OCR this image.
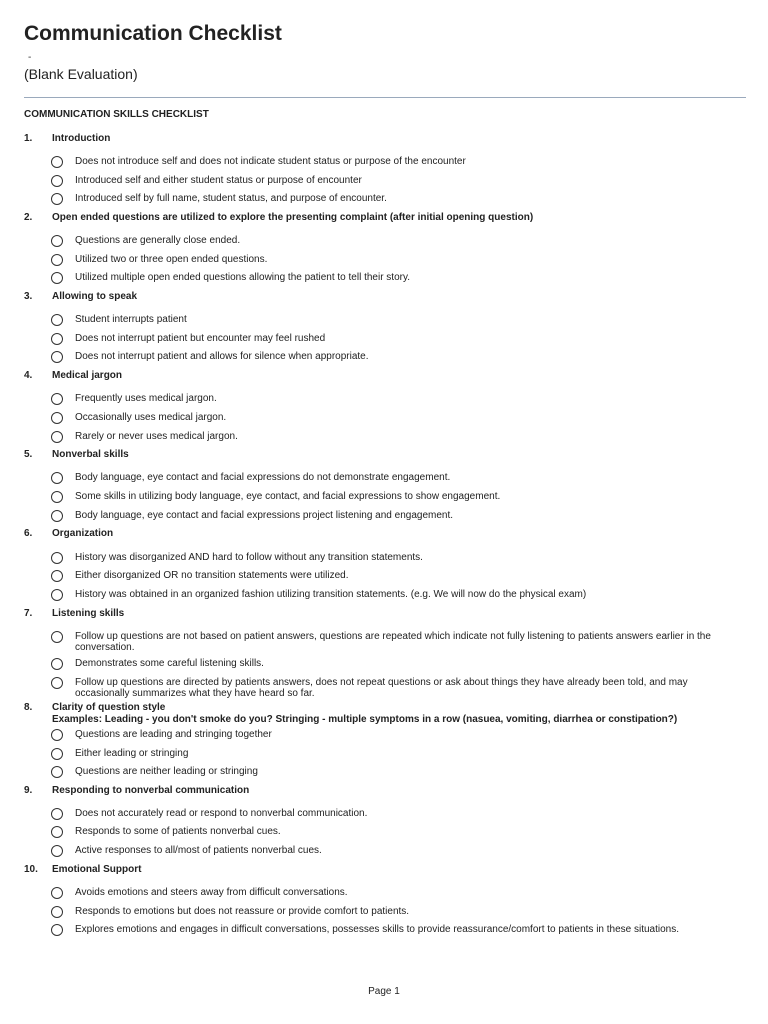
Communication Checklist
-
(Blank Evaluation)
COMMUNICATION SKILLS CHECKLIST
1. Introduction
Does not introduce self and does not indicate student status or purpose of the encounter
Introduced self and either student status or purpose of encounter
Introduced self by full name, student status, and purpose of encounter.
2. Open ended questions are utilized to explore the presenting complaint (after initial opening question)
Questions are generally close ended.
Utilized two or three open ended questions.
Utilized multiple open ended questions allowing the patient to tell their story.
3. Allowing to speak
Student interrupts patient
Does not interrupt patient but encounter may feel rushed
Does not interrupt patient and allows for silence when appropriate.
4. Medical jargon
Frequently uses medical jargon.
Occasionally uses medical jargon.
Rarely or never uses medical jargon.
5. Nonverbal skills
Body language, eye contact and facial expressions do not demonstrate engagement.
Some skills in utilizing body language, eye contact, and facial expressions to show engagement.
Body language, eye contact and facial expressions project listening and engagement.
6. Organization
History was disorganized AND hard to follow without any transition statements.
Either disorganized OR no transition statements were utilized.
History was obtained in an organized fashion utilizing transition statements. (e.g. We will now do the physical exam)
7. Listening skills
Follow up questions are not based on patient answers, questions are repeated which indicate not fully listening to patients answers earlier in the conversation.
Demonstrates some careful listening skills.
Follow up questions are directed by patients answers, does not repeat questions or ask about things they have already been told, and may occasionally summarizes what they have heard so far.
8. Clarity of question style
Examples: Leading - you don't smoke do you? Stringing - multiple symptoms in a row (nasuea, vomiting, diarrhea or constipation?)
Questions are leading and stringing together
Either leading or stringing
Questions are neither leading or stringing
9. Responding to nonverbal communication
Does not accurately read or respond to nonverbal communication.
Responds to some of patients nonverbal cues.
Active responses to all/most of patients nonverbal cues.
10. Emotional Support
Avoids emotions and steers away from difficult conversations.
Responds to emotions but does not reassure or provide comfort to patients.
Explores emotions and engages in difficult conversations, possesses skills to provide reassurance/comfort to patients in these situations.
Page 1
